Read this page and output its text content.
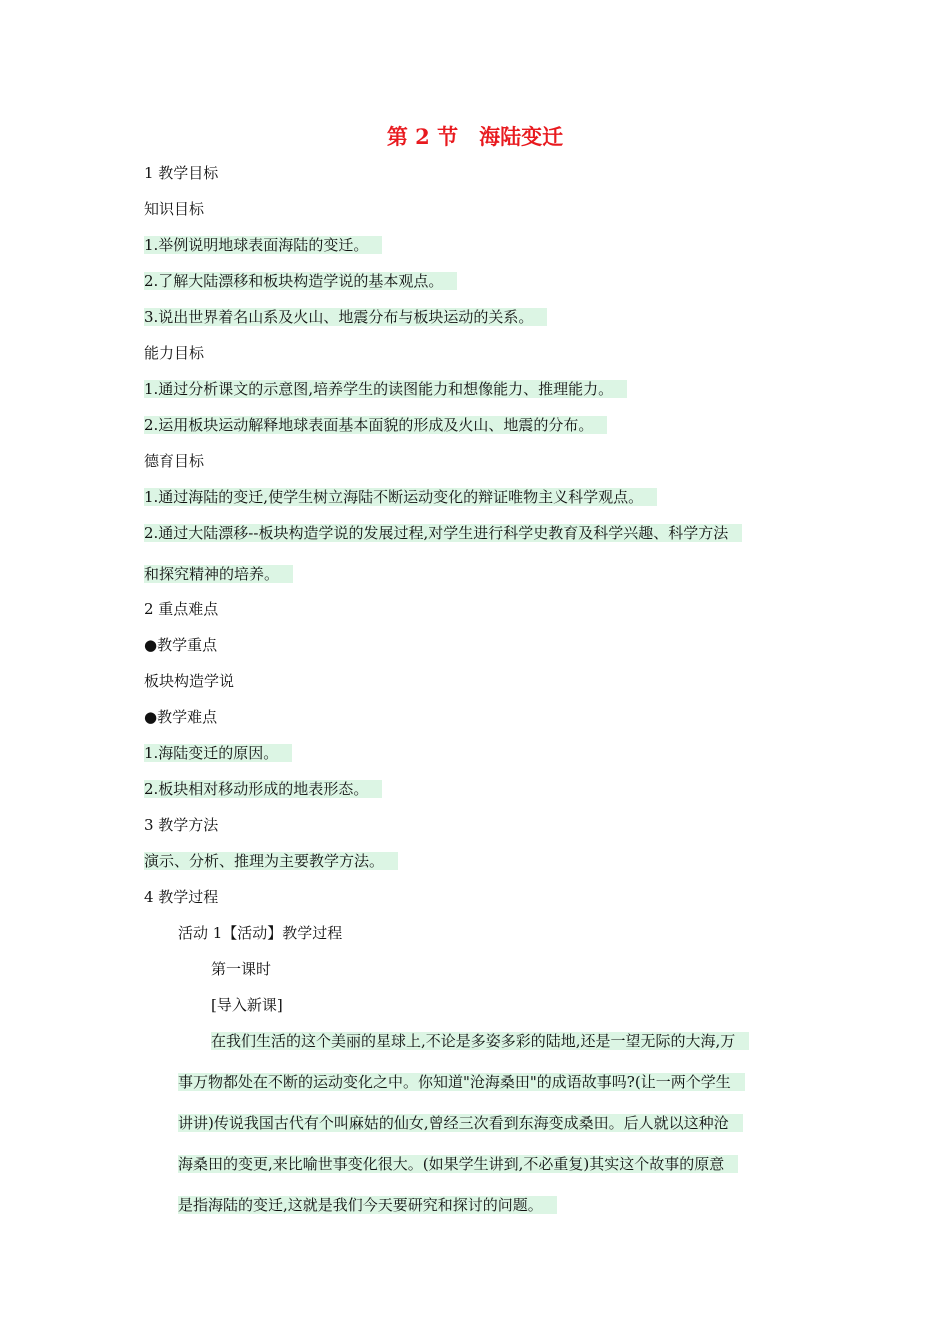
第 2 节　海陆变迁
1 教学目标
知识目标
1.举例说明地球表面海陆的变迁。
2.了解大陆漂移和板块构造学说的基本观点。
3.说出世界着名山系及火山、地震分布与板块运动的关系。
能力目标
1.通过分析课文的示意图,培养学生的读图能力和想像能力、推理能力。
2.运用板块运动解释地球表面基本面貌的形成及火山、地震的分布。
德育目标
1.通过海陆的变迁,使学生树立海陆不断运动变化的辩证唯物主义科学观点。
2.通过大陆漂移--板块构造学说的发展过程,对学生进行科学史教育及科学兴趣、科学方法
和探究精神的培养。
2 重点难点
●教学重点
板块构造学说
●教学难点
1.海陆变迁的原因。
2.板块相对移动形成的地表形态。
3 教学方法
演示、分析、推理为主要教学方法。
4 教学过程
活动 1【活动】教学过程
第一课时
[导入新课]
在我们生活的这个美丽的星球上,不论是多姿多彩的陆地,还是一望无际的大海,万
事万物都处在不断的运动变化之中。你知道"沧海桑田"的成语故事吗?(让一两个学生
讲讲)传说我国古代有个叫麻姑的仙女,曾经三次看到东海变成桑田。后人就以这种沧
海桑田的变更,来比喻世事变化很大。(如果学生讲到,不必重复)其实这个故事的原意
是指海陆的变迁,这就是我们今天要研究和探讨的问题。
